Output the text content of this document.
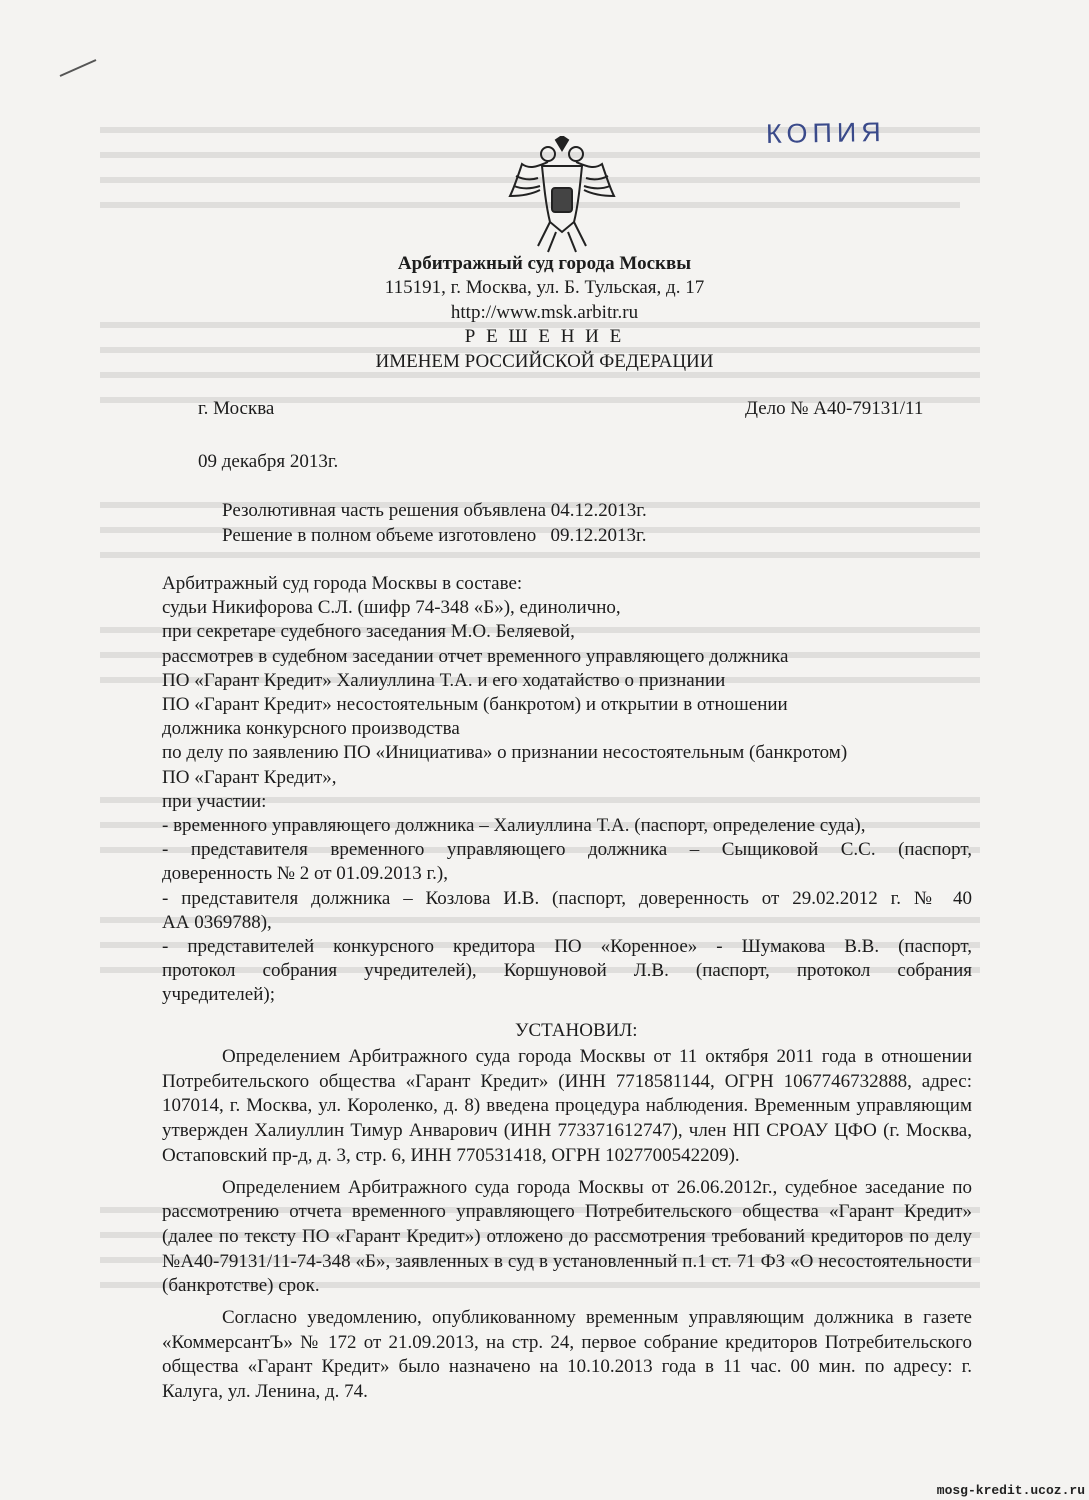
КОПИЯ
Арбитражный суд города Москвы
115191, г. Москва, ул. Б. Тульская, д. 17
http://www.msk.arbitr.ru
Р Е Ш Е Н И Е
ИМЕНЕМ РОССИЙСКОЙ ФЕДЕРАЦИИ
г. Москва	Дело № А40-79131/11
09 декабря 2013г.
Резолютивная часть решения объявлена 04.12.2013г.
Решение в полном объеме изготовлено   09.12.2013г.
Арбитражный суд города Москвы в составе:
судьи Никифорова С.Л. (шифр 74-348 «Б»), единолично,
при секретаре судебного заседания М.О. Беляевой,
рассмотрев в судебном заседании отчет временного управляющего должника
ПО «Гарант Кредит» Халиуллина Т.А. и его ходатайство о признании
ПО «Гарант Кредит» несостоятельным (банкротом) и открытии в отношении
должника конкурсного производства
по делу по заявлению ПО «Инициатива» о признании несостоятельным (банкротом)
ПО «Гарант Кредит»,
при участии:
- временного управляющего должника – Халиуллина Т.А. (паспорт, определение суда),
- представителя временного управляющего должника – Сыщиковой С.С. (паспорт,
доверенность № 2 от 01.09.2013 г.),
- представителя должника – Козлова И.В. (паспорт, доверенность от 29.02.2012 г. № 40
АА 0369788),
- представителей конкурсного кредитора ПО «Коренное» - Шумакова В.В. (паспорт,
протокол собрания учредителей), Коршуновой Л.В. (паспорт, протокол собрания
учредителей);
УСТАНОВИЛ:

Определением Арбитражного суда города Москвы от 11 октября 2011 года в отношении Потребительского общества «Гарант Кредит» (ИНН 7718581144, ОГРН 1067746732888, адрес: 107014, г. Москва, ул. Короленко, д. 8) введена процедура наблюдения. Временным управляющим утвержден Халиуллин Тимур Анварович (ИНН 773371612747), член НП СРОАУ ЦФО (г. Москва, Остаповский пр-д, д. 3, стр. 6, ИНН 770531418, ОГРН 1027700542209).

Определением Арбитражного суда города Москвы от 26.06.2012г., судебное заседание по рассмотрению отчета временного управляющего Потребительского общества «Гарант Кредит» (далее по тексту ПО «Гарант Кредит») отложено до рассмотрения требований кредиторов по делу №А40-79131/11-74-348 «Б», заявленных в суд в установленный п.1 ст. 71 ФЗ «О несостоятельности (банкротстве) срок.

Согласно уведомлению, опубликованному временным управляющим должника в газете «КоммерсантЪ» № 172 от 21.09.2013, на стр. 24, первое собрание кредиторов Потребительского общества «Гарант Кредит» было назначено на 10.10.2013 года в 11 час. 00 мин. по адресу: г. Калуга, ул. Ленина, д. 74.

mosg-kredit.ucoz.ru
